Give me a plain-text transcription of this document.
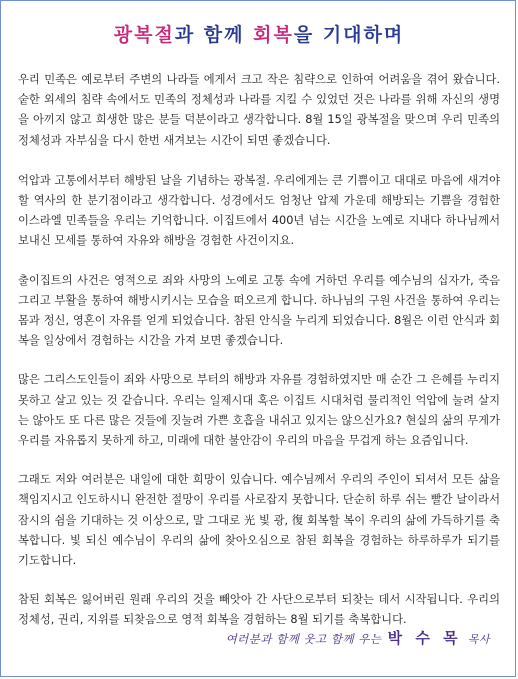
광복절과 함께 회복을 기대하며

우리 민족은 예로부터 주변의 나라들 에게서 크고 작은 침략으로 인하여 어려움을 겪어 왔습니다. 숱한 외세의 침략 속에서도 민족의 정체성과 나라를 지킬 수 있었던 것은 나라를 위해 자신의 생명을 아끼지 않고 희생한 많은 분들 덕분이라고 생각합니다. 8월 15일 광복절을 맞으며 우리 민족의 정체성과 자부심을 다시 한번 새겨보는 시간이 되면 좋겠습니다.

억압과 고통에서부터 해방된 날을 기념하는 광복절. 우리에게는 큰 기쁨이고 대대로 마음에 새겨야 할 역사의 한 분기점이라고 생각합니다. 성경에서도 엄청난 압제 가운데 해방되는 기쁨을 경험한 이스라엘 민족들을 우리는 기억합니다. 이집트에서 400년 넘는 시간을 노예로 지내다 하나님께서 보내신 모세를 통하여 자유와 해방을 경험한 사건이지요.

출이집트의 사건은 영적으로 죄와 사망의 노예로 고통 속에 거하던 우리를 예수님의 십자가, 죽음 그리고 부활을 통하여 해방시키시는 모습을 떠오르게 합니다. 하나님의 구원 사건을 통하여 우리는 몸과 정신, 영혼이 자유를 얻게 되었습니다. 참된 안식을 누리게 되었습니다. 8월은 이런 안식과 회복을 일상에서 경험하는 시간을 가져 보면 좋겠습니다.

많은 그리스도인들이 죄와 사망으로 부터의 해방과 자유를 경험하였지만 매 순간 그 은혜를 누리지 못하고 살고 있는 것 같습니다. 우리는 일제시대 혹은 이집트 시대처럼 물리적인 억압에 눌려 살지는 않아도 또 다른 많은 것들에 짓눌려 가쁜 호흡을 내쉬고 있지는 않으신가요? 현실의 삶의 무게가 우리를 자유롭지 못하게 하고, 미래에 대한 불안감이 우리의 마음을 무겁게 하는 요즘입니다.

그래도 저와 여러분은 내일에 대한 희망이 있습니다. 예수님께서 우리의 주인이 되셔서 모든 삶을 책임지시고 인도하시니 완전한 절망이 우리를 사로잡지 못합니다. 단순히 하루 쉬는 빨간 날이라서 잠시의 쉼을 기대하는 것 이상으로, 말 그대로 光 빛 광, 復 회복할 복이 우리의 삶에 가득하기를 축복합니다. 빛 되신 예수님이 우리의 삶에 찾아오심으로 참된 회복을 경험하는 하루하루가 되기를 기도합니다.

참된 회복은 잃어버린 원래 우리의 것을 빼앗아 간 사단으로부터 되찾는 데서 시작됩니다. 우리의 정체성, 권리, 지위를 되찾음으로 영적 회복을 경험하는 8월 되기를 축복합니다.

여러분과 함께 웃고 함께 우는 박 수 목 목사
